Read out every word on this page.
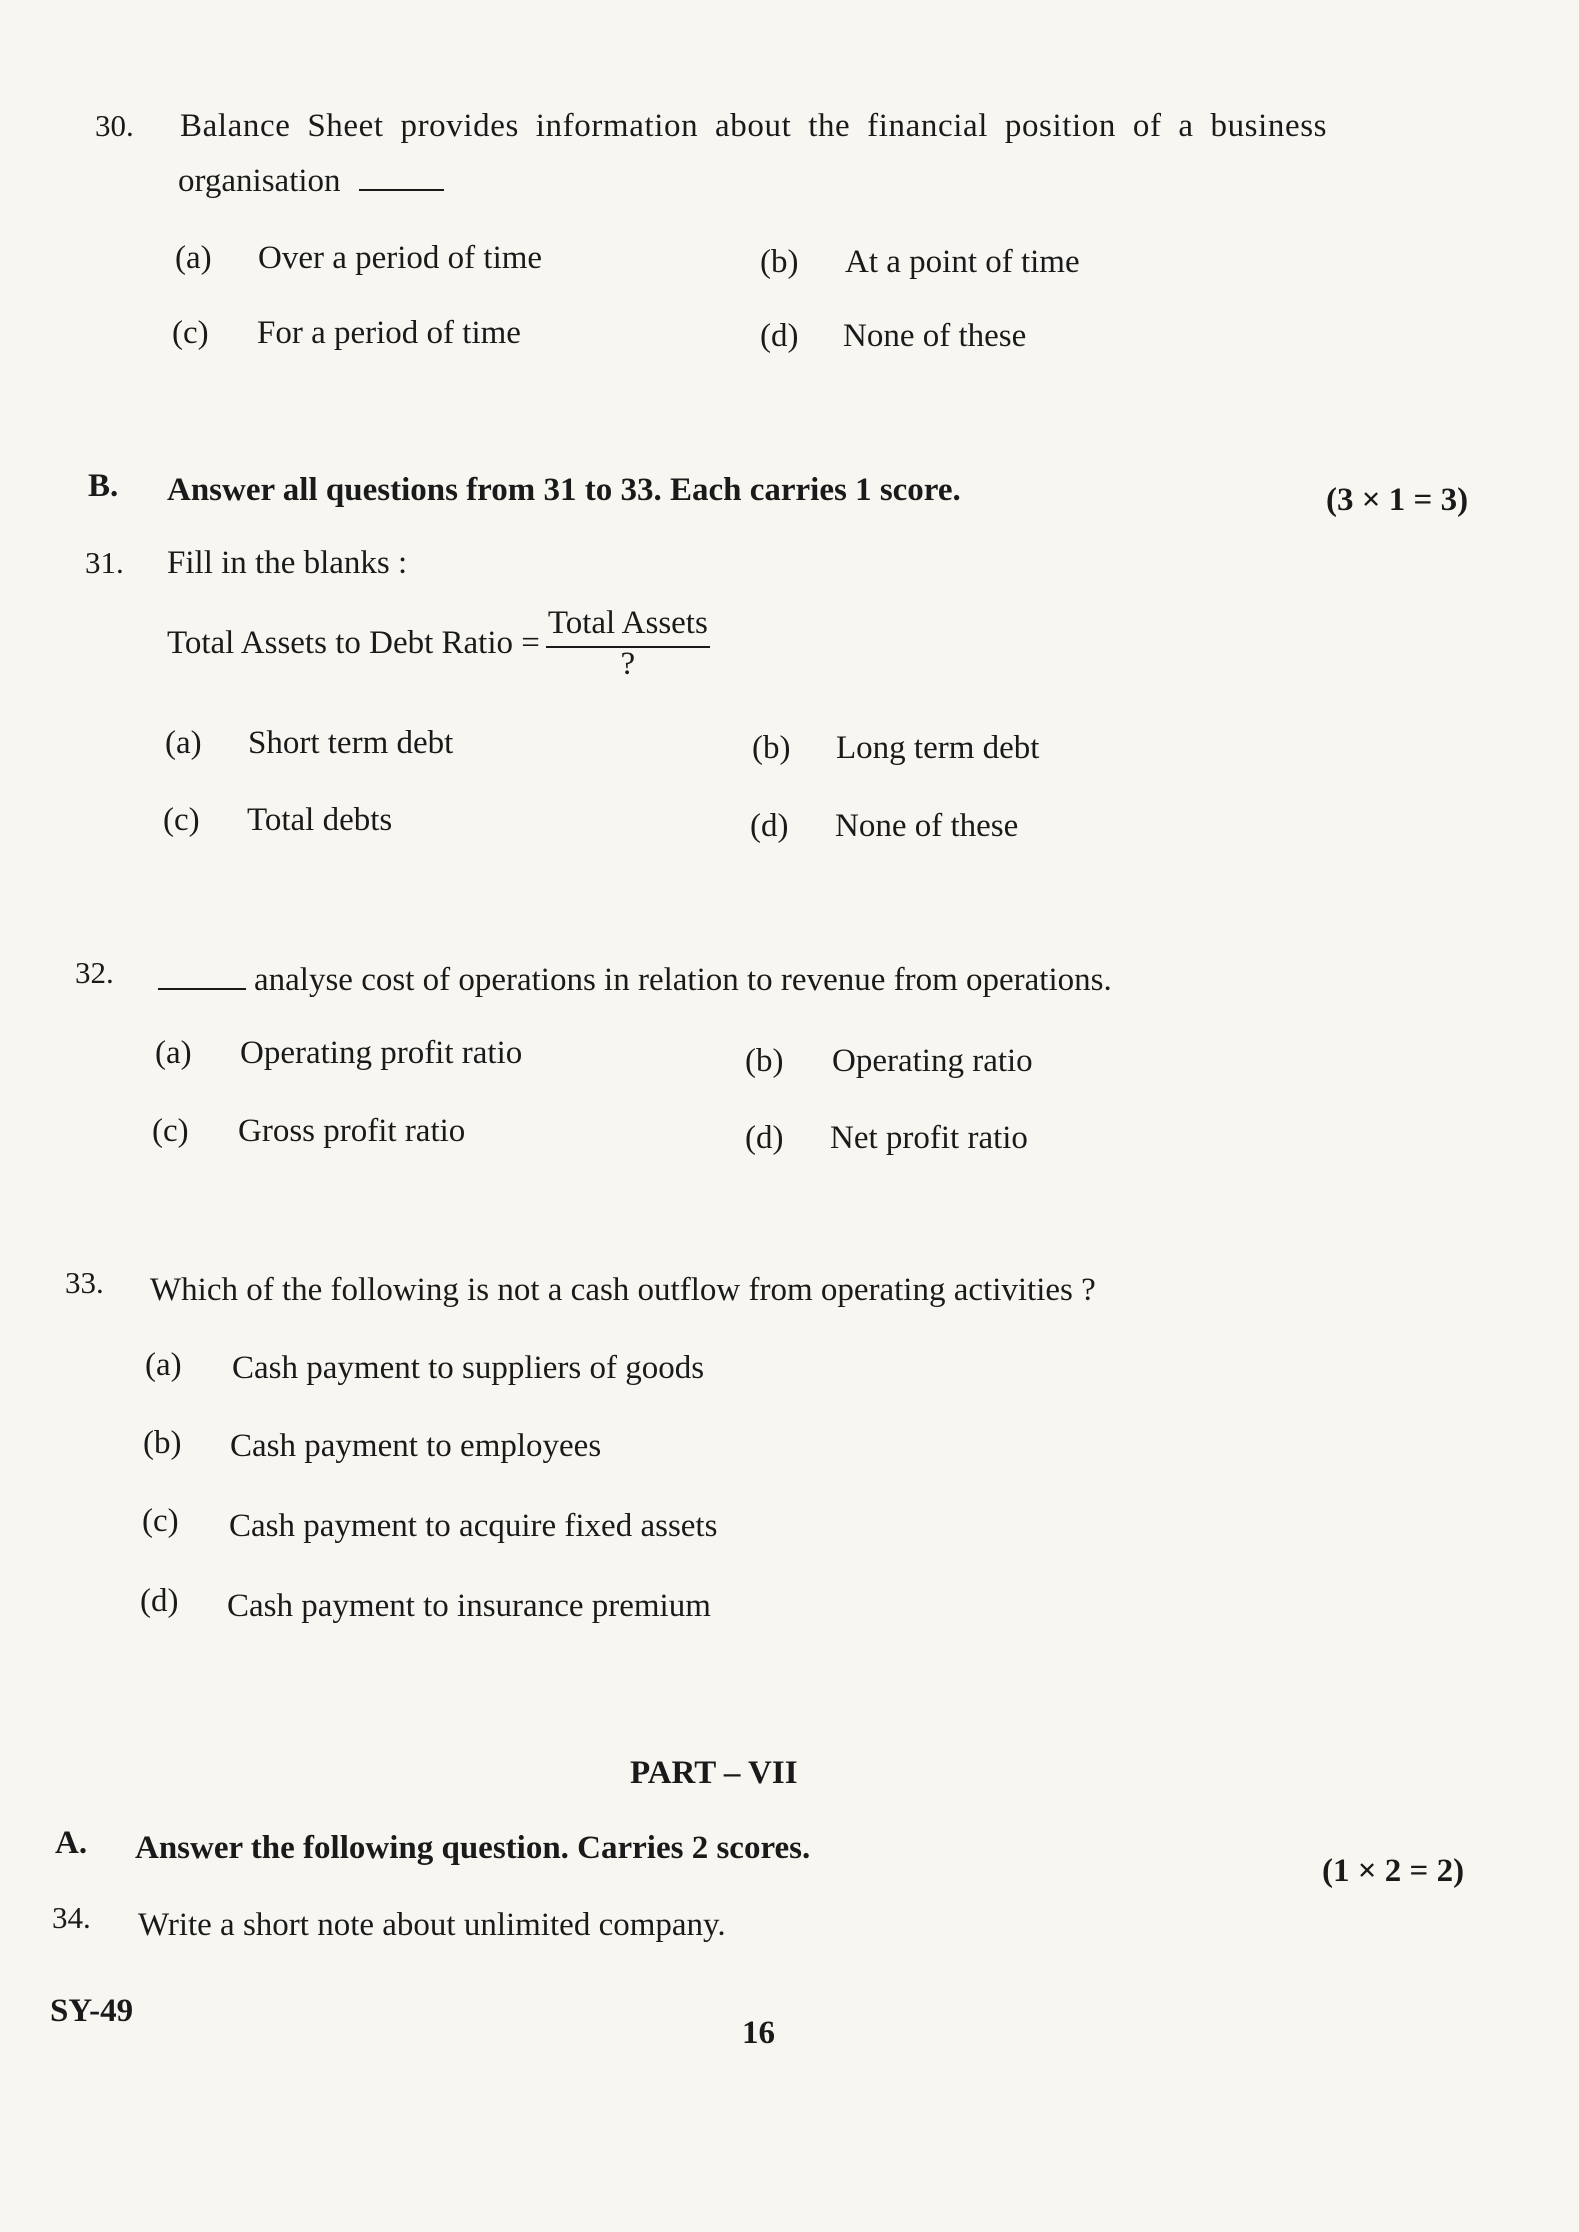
30. Balance Sheet provides information about the financial position of a business
organisation
(a) Over a period of time	(b) At a point of time
(c) For a period of time	(d) None of these
B. Answer all questions from 31 to 33. Each carries 1 score.	(3 × 1 = 3)
31. Fill in the blanks :
Total Assets to Debt Ratio = $\frac{\text{Total Assets}}{?}$
(a) Short term debt	(b) Long term debt
(c) Total debts	(d) None of these
32.	analyse cost of operations in relation to revenue from operations.
(a) Operating profit ratio	(b) Operating ratio
(c) Gross profit ratio	(d) Net profit ratio
33. Which of the following is not a cash outflow from operating activities ?
(a) Cash payment to suppliers of goods
(b) Cash payment to employees
(c) Cash payment to acquire fixed assets
(d) Cash payment to insurance premium
PART – VII
A. Answer the following question. Carries 2 scores.
(1 × 2 = 2)
34. Write a short note about unlimited company.
SY-49
16
